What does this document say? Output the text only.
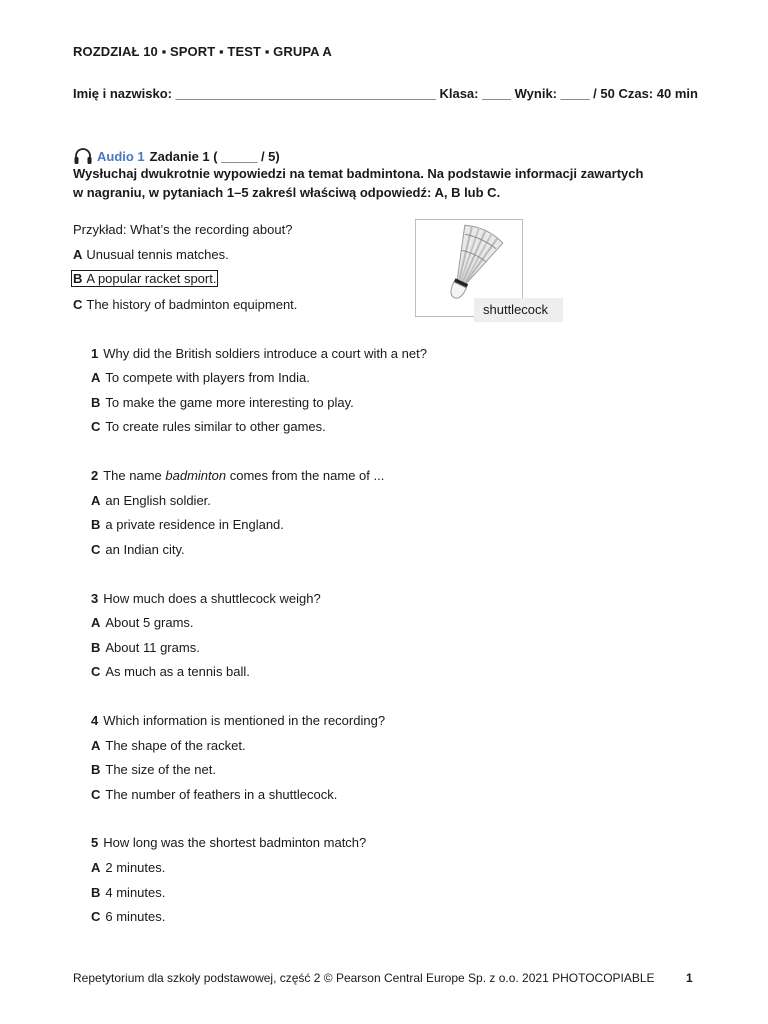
ROZDZIAŁ 10 ▪ SPORT ▪ TEST ▪ GRUPA A
Imię i nazwisko: ____________________________________ Klasa: ____ Wynik: ____ / 50 Czas: 40 min
Audio 1 Zadanie 1 ( _____ / 5)
Wysłuchaj dwukrotnie wypowiedzi na temat badmintona. Na podstawie informacji zawartych
w nagraniu, w pytaniach 1–5 zakreśl właściwą odpowiedź: A, B lub C.
Przykład: What’s the recording about?
A Unusual tennis matches.
B A popular racket sport.
C The history of badminton equipment.	shuttlecock
1 Why did the British soldiers introduce a court with a net?
A To compete with players from India.
B To make the game more interesting to play.
C To create rules similar to other games.
2 The name badminton comes from the name of ...
A an English soldier.
B a private residence in England.
C an Indian city.
3 How much does a shuttlecock weigh?
A About 5 grams.
B About 11 grams.
C As much as a tennis ball.
4 Which information is mentioned in the recording?
A The shape of the racket.
B The size of the net.
C The number of feathers in a shuttlecock.
5 How long was the shortest badminton match?
A 2 minutes.
B 4 minutes.
C 6 minutes.
Repetytorium dla szkoły podstawowej, część 2 © Pearson Central Europe Sp. z o.o. 2021 PHOTOCOPIABLE	1
